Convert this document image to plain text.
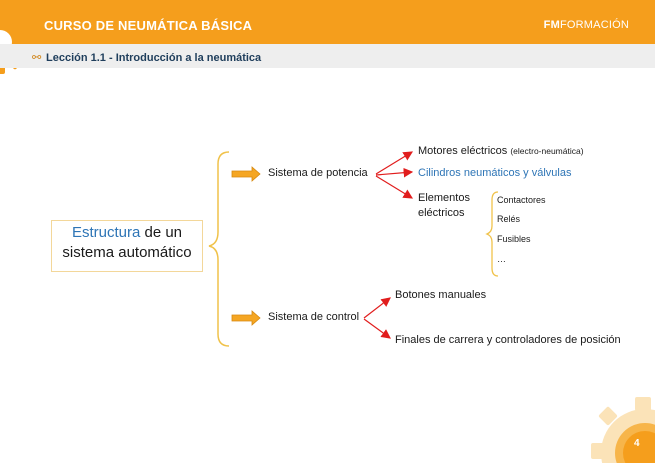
CURSO DE NEUMÁTICA BÁSICA	FMFORMACIÓN
⚯ Lección 1.1 - Introducción a la neumática
Estructura de un
sistema automático
Sistema de potencia
Sistema de control
Motores eléctricos (electro-neumática)
Cilindros neumáticos y válvulas
Elementos
eléctricos
Contactores
Relés
Fusibles
…
Botones manuales
Finales de carrera y controladores de posición
4
